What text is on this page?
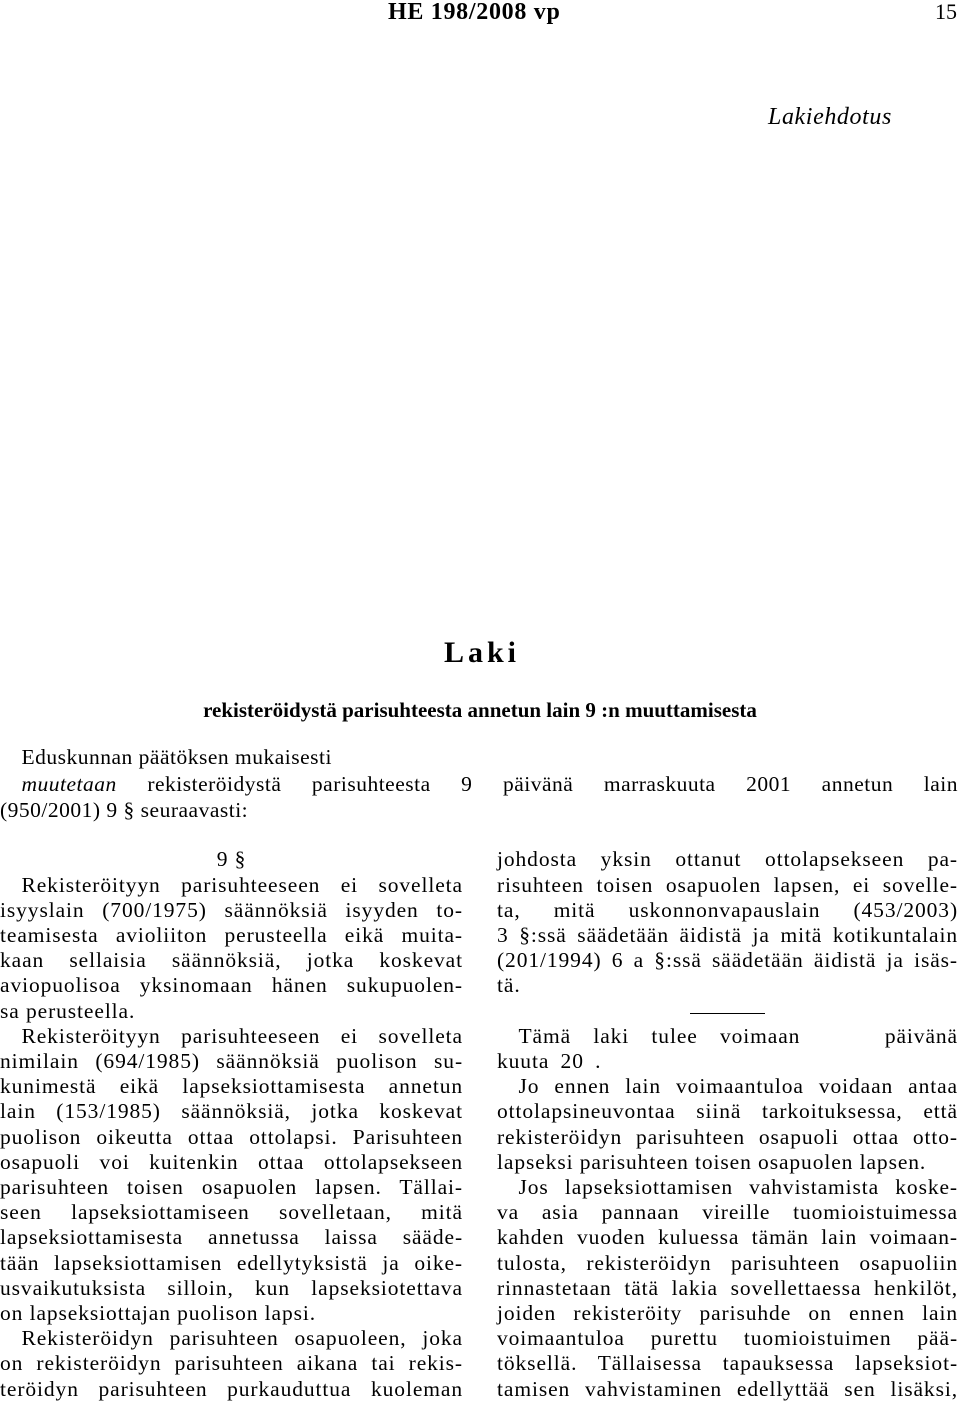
HE 198/2008 vp	15
Lakiehdotus
Laki
rekisteröidystä parisuhteesta annetun lain 9 :n muuttamisesta
Eduskunnan päätöksen mukaisesti
muutetaan rekisteröidystä parisuhteesta 9 päivänä marraskuuta 2001 annetun lain
(950/2001) 9 § seuraavasti:
9 §
Rekisteröityyn parisuhteeseen ei sovelleta
isyyslain (700/1975) säännöksiä isyyden to-
teamisesta avioliiton perusteella eikä muita-
kaan sellaisia säännöksiä, jotka koskevat
aviopuolisoa yksinomaan hänen sukupuolen-
sa perusteella.
Rekisteröityyn parisuhteeseen ei sovelleta
nimilain (694/1985) säännöksiä puolison su-
kunimestä eikä lapseksiottamisesta annetun
lain (153/1985) säännöksiä, jotka koskevat
puolison oikeutta ottaa ottolapsi. Parisuhteen
osapuoli voi kuitenkin ottaa ottolapsekseen
parisuhteen toisen osapuolen lapsen. Tällai-
seen lapseksiottamiseen sovelletaan, mitä
lapseksiottamisesta annetussa laissa sääde-
tään lapseksiottamisen edellytyksistä ja oike-
usvaikutuksista silloin, kun lapseksiotettava
on lapseksiottajan puolison lapsi.
Rekisteröidyn parisuhteen osapuoleen, joka
on rekisteröidyn parisuhteen aikana tai rekis-
teröidyn parisuhteen purkauduttua kuoleman
johdosta yksin ottanut ottolapsekseen pa-
risuhteen toisen osapuolen lapsen, ei sovelle-
ta, mitä uskonnonvapauslain (453/2003)
3 §:ssä säädetään äidistä ja mitä kotikuntalain
(201/1994) 6 a §:ssä säädetään äidistä ja isäs-
tä.
Tämä laki tulee voimaan	päivänä
kuuta 20 .
Jo ennen lain voimaantuloa voidaan antaa
ottolapsineuvontaa siinä tarkoituksessa, että
rekisteröidyn parisuhteen osapuoli ottaa otto-
lapseksi parisuhteen toisen osapuolen lapsen.
Jos lapseksiottamisen vahvistamista koske-
va asia pannaan vireille tuomioistuimessa
kahden vuoden kuluessa tämän lain voimaan-
tulosta, rekisteröidyn parisuhteen osapuoliin
rinnastetaan tätä lakia sovellettaessa henkilöt,
joiden rekisteröity parisuhde on ennen lain
voimaantuloa purettu tuomioistuimen pää-
töksellä. Tällaisessa tapauksessa lapseksiot-
tamisen vahvistaminen edellyttää sen lisäksi,
